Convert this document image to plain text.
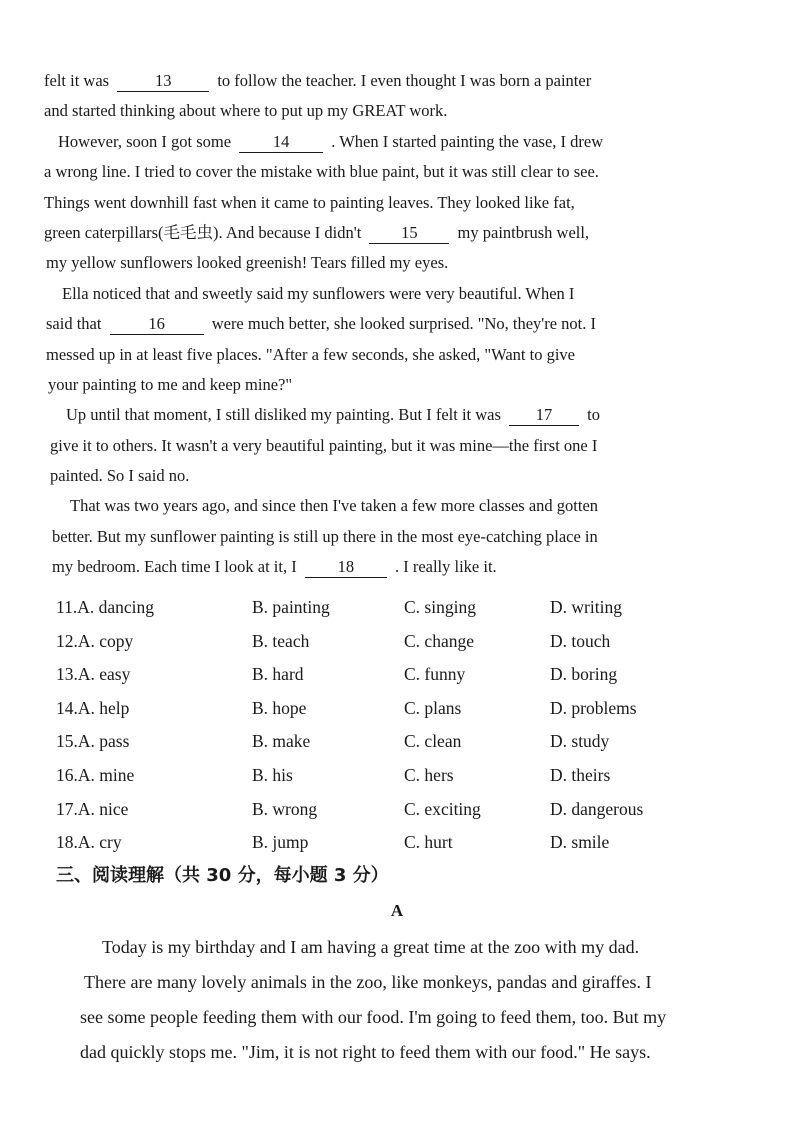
felt it was	13	to follow the teacher. I even thought I was born a painter
and started thinking about where to put up my GREAT work.
However, soon I got some	14	. When I started painting the vase, I drew
a wrong line. I tried to cover the mistake with blue paint, but it was still clear to see.
Things went downhill fast when it came to painting leaves. They looked like fat,
green caterpillars(毛毛虫). And because I didn't 15 my paintbrush well,
my yellow sunflowers looked greenish! Tears filled my eyes.
Ella noticed that and sweetly said my sunflowers were very beautiful. When I
said that	16	were much better, she looked surprised. "No, they're not. I
messed up in at least five places. "After a few seconds, she asked, "Want to give
your painting to me and keep mine?"
Up until that moment, I still disliked my painting. But I felt it was 17 to
give it to others. It wasn't a very beautiful painting, but it was mine—the first one I
painted. So I said no.
That was two years ago, and since then I've taken a few more classes and gotten
better. But my sunflower painting is still up there in the most eye-catching place in
my bedroom. Each time I look at it, I 18 . I really like it.
11.A. dancing	B. painting	C. singing	D. writing
12.A. copy	B. teach	C. change	D. touch
13.A. easy	B. hard	C. funny	D. boring
14.A. help	B. hope	C. plans	D. problems
15.A. pass	B. make	C. clean	D. study
16.A. mine	B. his	C. hers	D. theirs
17.A. nice	B. wrong	C. exciting	D. dangerous
18.A. cry	B. jump	C. hurt	D. smile
三、阅读理解（共 30 分，每小题 3 分）
A
Today is my birthday and I am having a great time at the zoo with my dad.
There are many lovely animals in the zoo, like monkeys, pandas and giraffes. I
see some people feeding them with our food. I'm going to feed them, too. But my
dad quickly stops me. "Jim, it is not right to feed them with our food." He says.
